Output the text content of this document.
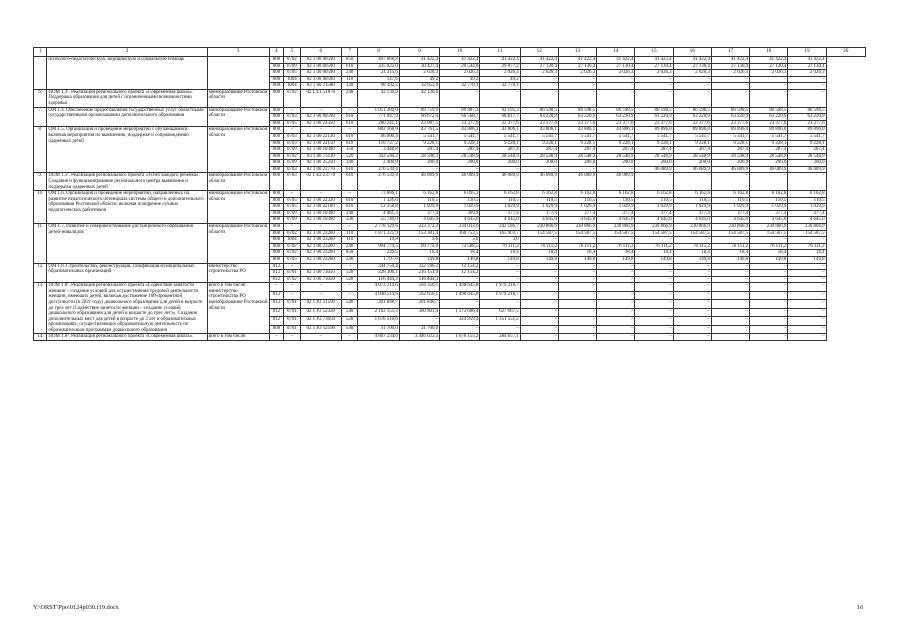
1	2	3	4	5	6	7	8	9	10	11	12	13	14	15	16	17	18	19	20
	психолого-педагогическую, медицинскую и социальную помощь		808	0702	02 1 00 00590	850	497 068,8	41 422,4	41 422,4	41 422,4	41 422,4	41 422,4	41 422,4	41 422,4	41 422,4	41 422,4	41 422,4	41 422,4	
			808	0709	02 1 00 00590	610	335 023,0	30 427,4	29 544,8	29 877,2	27 130,4	27 130,4	27 130,4	27 130,4	27 130,4	27 130,4	27 130,4	27 130,4	
			808	0705	02 1 00 00590	240	24 315,6	2 026,3	2 026,3	2 026,3	2 026,3	2 026,3	2 026,3	2 026,3	2 026,3	2 026,3	2 026,3	2 026,3	
			808	1004	02 1 00 00590	110	147,6	49,2	49,2	49,2	–	–	–	–	–	–	–	–	
			808	1004	02 1 00 11580	320	98 392,2	32 652,0	32 770,1	32 770,1	–	–	–	–	–	–	–	–	
6.	ПОМ 1.3¹. Реализация регионального проекта «Современная школа». Поддержка образования для детей с ограниченными возможностями здоровья	минобразование Ростовской области	808	0702	02 1 Е1 51870	240	42 136,0	42 136,0	–	–	–	–	–	–	–	–	–	–	
7.	ОМ 1.4. Обеспечение предоставления государственных услуг областными государственными организациями дополнительного образования	минобразование Ростовской области	808	–	–	–	1 051 289,0	89 759,9	89 987,3	92 195,3	86 598,5	86 598,5	86 598,5	86 598,5	86 598,5	86 598,5	86 598,5	86 598,5	
			808	0703	02 1 00 00590	610	771 047,9	66 672,4	66 568,7	68 817,7	63 220,9	63 220,9	63 220,9	63 220,9	63 220,9	63 220,9	63 220,9	63 220,9	
			808	0705	02 1 00 23350	610	280 241,1	23 087,5	23 377,6	23 377,6	23 377,6	23 377,6	23 377,6	23 377,6	23 377,6	23 377,6	23 377,6	23 377,6	
8.	ОМ 1.5. Организация и проведение мероприятий с обучающимися, включая мероприятия по выявлению, поддержке и сопровождению одаренных детей	минобразование Ростовской области	808	–	–	–	802 168,0	43 761,5	43 806,1	43 806,1	43 806,1	43 806,1	43 806,1	89 896,0	89 896,0	89 896,0	89 896,0	89 896,0	
			808	0703	02 1 00 22130	610	66 900,4	5 541,7	5 541,7	5 541,7	5 541,7	5 541,7	5 541,7	5 541,7	5 541,7	5 541,7	5 541,7	5 541,7	
			808	0703	02 1 00 22150	610	110 737,2	9 228,1	9 228,1	9 228,1	9 228,1	9 228,1	9 228,1	9 228,1	9 228,1	9 228,1	9 228,1	9 228,1	
			808	0709	02 1 00 10390	350	3 448,8	287,4	287,4	287,4	287,4	287,4	287,4	287,4	287,4	287,4	287,4	287,4	
			808	0702	03 1 00 73110	520	342 540,2	28 598,3	28 548,9	28 548,9	28 548,9	28 548,9	28 548,9	28 548,9	28 548,9	28 548,9	28 548,9	28 548,9	
			808	0709	02 1 00 25250	340	2 400,0	200,0	200,0	200,0	200,0	200,0	200,0	200,0	200,0	200,0	200,0	200,0	
			808	0703	02 1 00 23770	610	276 539,4	–	–	–	–	–	–	46 089,9	46 089,9	46 089,9	46 089,9	46 089,9	
9.	ПОМ 1.5¹. Реализация регионального проекта «Успех каждого ребенка». Создание и функционирование регионального центра выявления и поддержки одаренных детей	минобразование Ростовской области	808	0703	02 1 Е2 23770	610	276 539,4	46 089,9	46 089,9	46 089,9	46 089,9	46 089,9	46 089,9	–	–	–	–	–	
10.	ОМ 1.6. Организация и проведение мероприятий, направленных на развитие педагогического потенциала системы общего и дополнительного образования Ростовской области, включая поощрение лучших педагогических работников	минобразование Ростовской области	808	–	–	–	73 886,1	6 162,8	6 095,3	6 162,8	6 162,8	6 162,8	6 162,8	6 162,8	6 162,8	6 162,8	6 162,8	6 162,8	
			808	0705	02 1 00 22220	610	1 326,0	110,5	110,5	110,5	110,5	110,5	110,5	110,5	110,5	110,5	110,5	110,5	
			808	0705	02 1 00 22180	610	12 358,8	1 029,9	1 029,9	1 029,9	1 029,9	1 029,9	1 029,9	1 029,9	1 029,9	1 029,9	1 029,9	1 029,9	
			808	0709	02 1 00 10390	240	4 461,3	377,4	309,9	377,4	377,4	377,4	377,4	377,4	377,4	377,4	377,4	377,4	
			808	0709	02 1 00 10390	330	55 740,0	4 645,0	4 645,0	4 645,0	4 645,0	4 645,0	4 645,0	4 645,0	4 645,0	4 645,0	4 645,0	4 645,0	
11.	ОМ 1.7. Развитие и совершенствование дистанционного образования детей-инвалидов	минобразование Ростовской области	808	–	–	–	2 778 129,6	223 372,2	234 013,6	242 186,7	230 866,9	230 866,9	230 866,9	230 866,9	230 866,9	230 866,9	230 866,9	230 866,9	
			808	0702	02 1 00 23260	110	1 871 325,9	153 381,4	160 753,5	165 903,7	154 587,5	154 587,5	154 587,5	154 587,5	154 587,5	154 587,5	154 587,5	154 587,5	
			808	1004	02 1 00 23260	110	10,8	3,6	3,6	3,6	–	–	–	–	–	–	–	–	
			808	0702	02 1 00 23260	240	904 774,5	69 774,0	73 588,5	76 111,2	76 111,2	76 111,2	76 111,2	76 111,2	76 111,2	76 111,2	76 111,2	76 111,2	
			808	0702	02 1 00 23260	850	220,5	18,4	18,4	18,4	18,4	18,4	18,4	18,4	18,4	18,4	18,4	18,4	
			808	0705	02 1 00 23260	240	1 797,6	149,8	149,8	149,8	149,8	149,8	149,8	149,8	149,8	149,8	149,8	149,8	
12.	ОМ 1.8. Строительство, реконструкция, газификация муниципальных образовательных организаций	министерство строительства РО	812	–	–	–	344 750,4	332 596,2	12 154,2	–	–	–	–	–	–	–	–	–	
			812	0701	02 1 00 73050	520	228 306,1	216 151,9	12 154,2	–	–	–	–	–	–	–	–	–	
			812	0702	02 1 00 73050	520	116 444,3	116 444,3	–	–	–	–	–	–	–	–	–	–	
13.	ПОМ 1.8¹. Реализация регионального проекта «Содействие занятости женщин – создание условий для осуществления трудовой деятельности женщин, имеющих детей, включая достижение 100-процентной доступности (к 2021 году) дошкольного образования для детей в возрасте до трех лет (Содействие занятости женщин – создание условий дошкольного образования для детей в возрасте до трех лет)». Создание дополнительных мест для детей в возрасте до 3 лет в образовательных организациях, осуществляющих образовательную деятельность по образовательным программам дошкольного образования	всего в том числе: министерство строительства РО минобразование Ростовской области	–	–	–	–	4 072 214,6	594 350,1	1 498 645,8	1 979 218,7	–	–	–	–	–	–	–	–	
			812	–	–	–	4 040 514,6	562 650,1	1 498 645,8	1 979 218,7	–	–	–	–	–	–	–	–	
			812	0701	02 1 Р2 51590	540	201 848,7	201 848,7	–	–	–	–	–	–	–	–	–	–	
			812	0701	02 1 Р2 52320	540	2 162 155,3	360 801,4	1 173 686,4	627 667,5	–	–	–	–	–	–	–	–	
			812	0701	02 1 Р2 73050	520	1 676 510,6	–	324 959,4	1 351 551,2	–	–	–	–	–	–	–	–	
			808	0701	02 1 Р2 12590	540	31 700,0	31 700,0	–	–	–	–	–	–	–	–	–	–	
14.	ПОМ 1.8². Реализация регионального проекта «Современная школа».	всего в том числе:	–	–	–	–	4 807 234,6	3 446 022,3	1 076 155,2	284 657,1	–	–	–	–	–	–	–	–	
Y:\ORST\Ppo\0124p030.f19.docx	16
